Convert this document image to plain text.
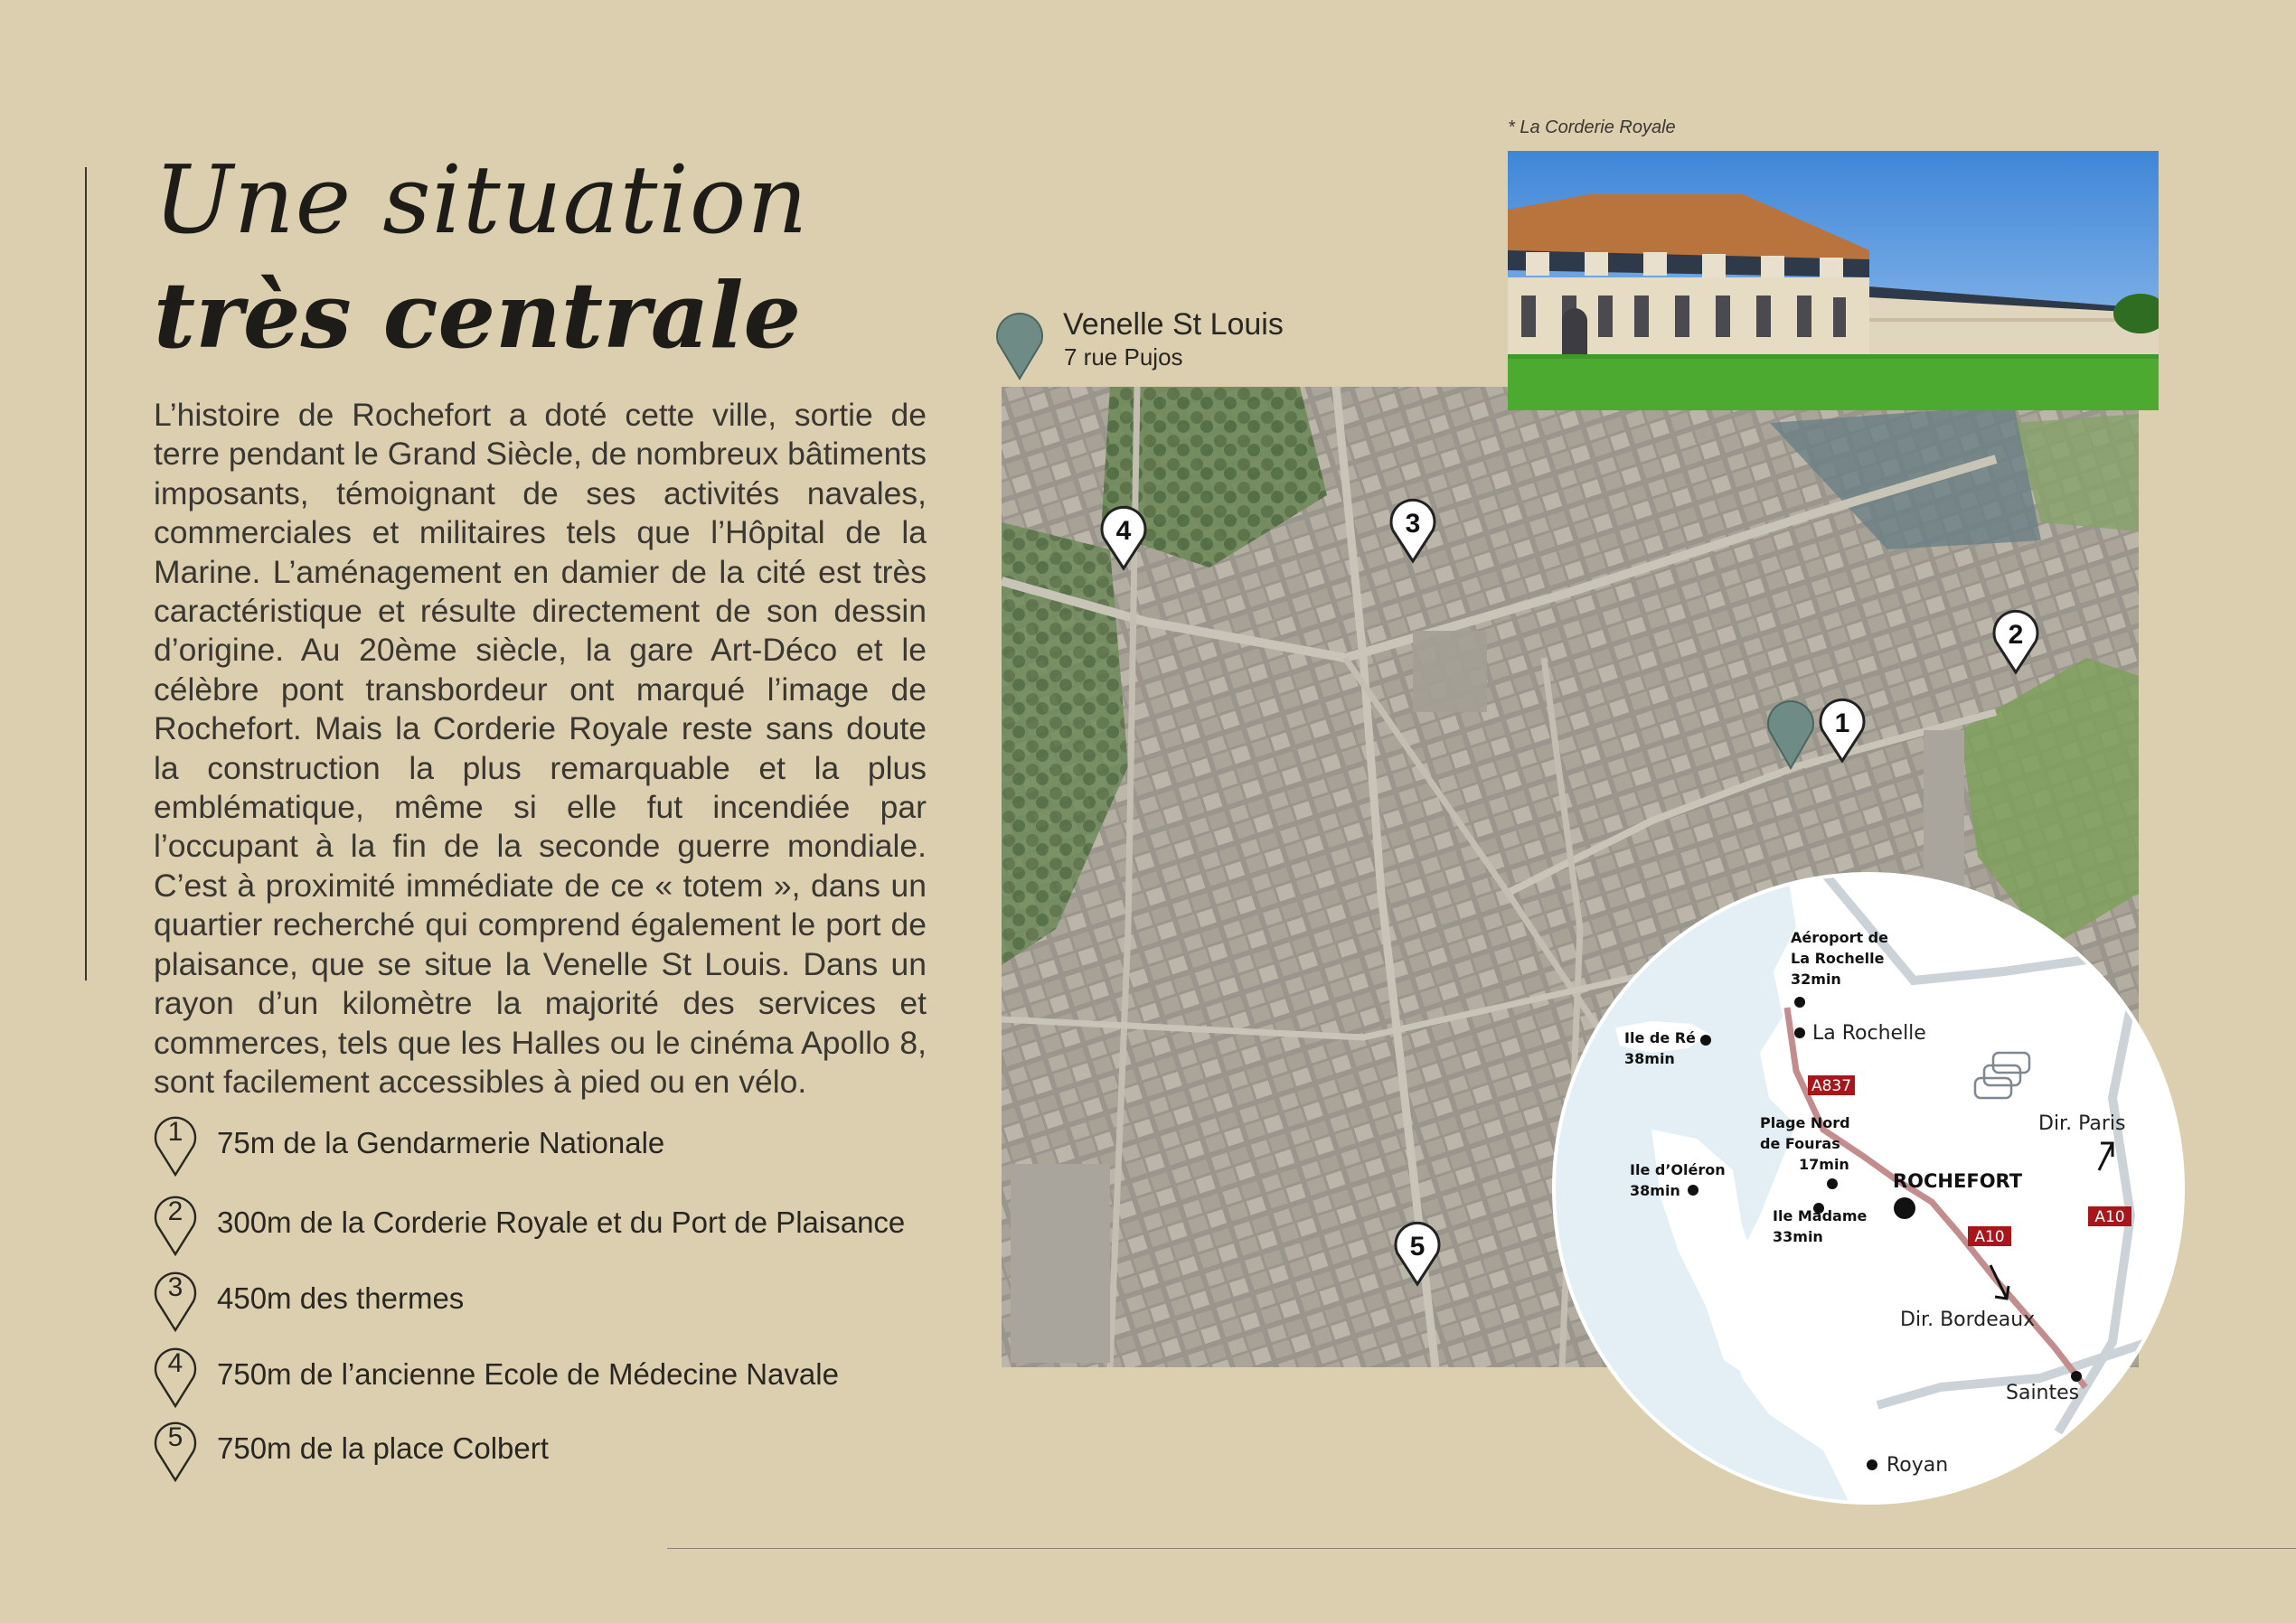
Une situation
très centrale
L’histoire de Rochefort a doté cette ville, sortie de terre pendant le Grand Siècle, de nombreux bâtiments imposants, témoignant de ses activités navales, commerciales et militaires tels que l’Hôpital de la Marine. L’aménagement en damier de la cité est très caractéristique et résulte directement de son dessin d’origine. Au 20ème siècle, la gare Art-Déco et le célèbre pont transbordeur ont marqué l’image de Rochefort. Mais la Corderie Royale reste sans doute la construction la plus remarquable et la plus emblématique, même si elle fut incendiée par l’occupant à la fin de la seconde guerre mondiale. C’est à proximité immédiate de ce « totem », dans un quartier recherché qui comprend également le port de plaisance, que se situe la Venelle St Louis. Dans un rayon d’un kilomètre la majorité des services et commerces, tels que les Halles ou le cinéma Apollo 8, sont facilement accessibles à pied ou en vélo.
1	75m de la Gendarmerie Nationale
2	300m de la Corderie Royale et du Port de Plaisance
3	450m des thermes
4	750m de l’ancienne Ecole de Médecine Navale
5	750m de la place Colbert
4	3
2
1
5
Venelle St Louis
7 rue Pujos
* La Corderie Royale
A837
A10
A10
Aéroport de
La Rochelle
32min
Ile de Ré
38min
Plage Nord
de Fouras
17min
Ile d’Oléron
38min
Ile Madame
33min
ROCHEFORT
La Rochelle
Dir. Paris
Dir. Bordeaux
Saintes
Royan
